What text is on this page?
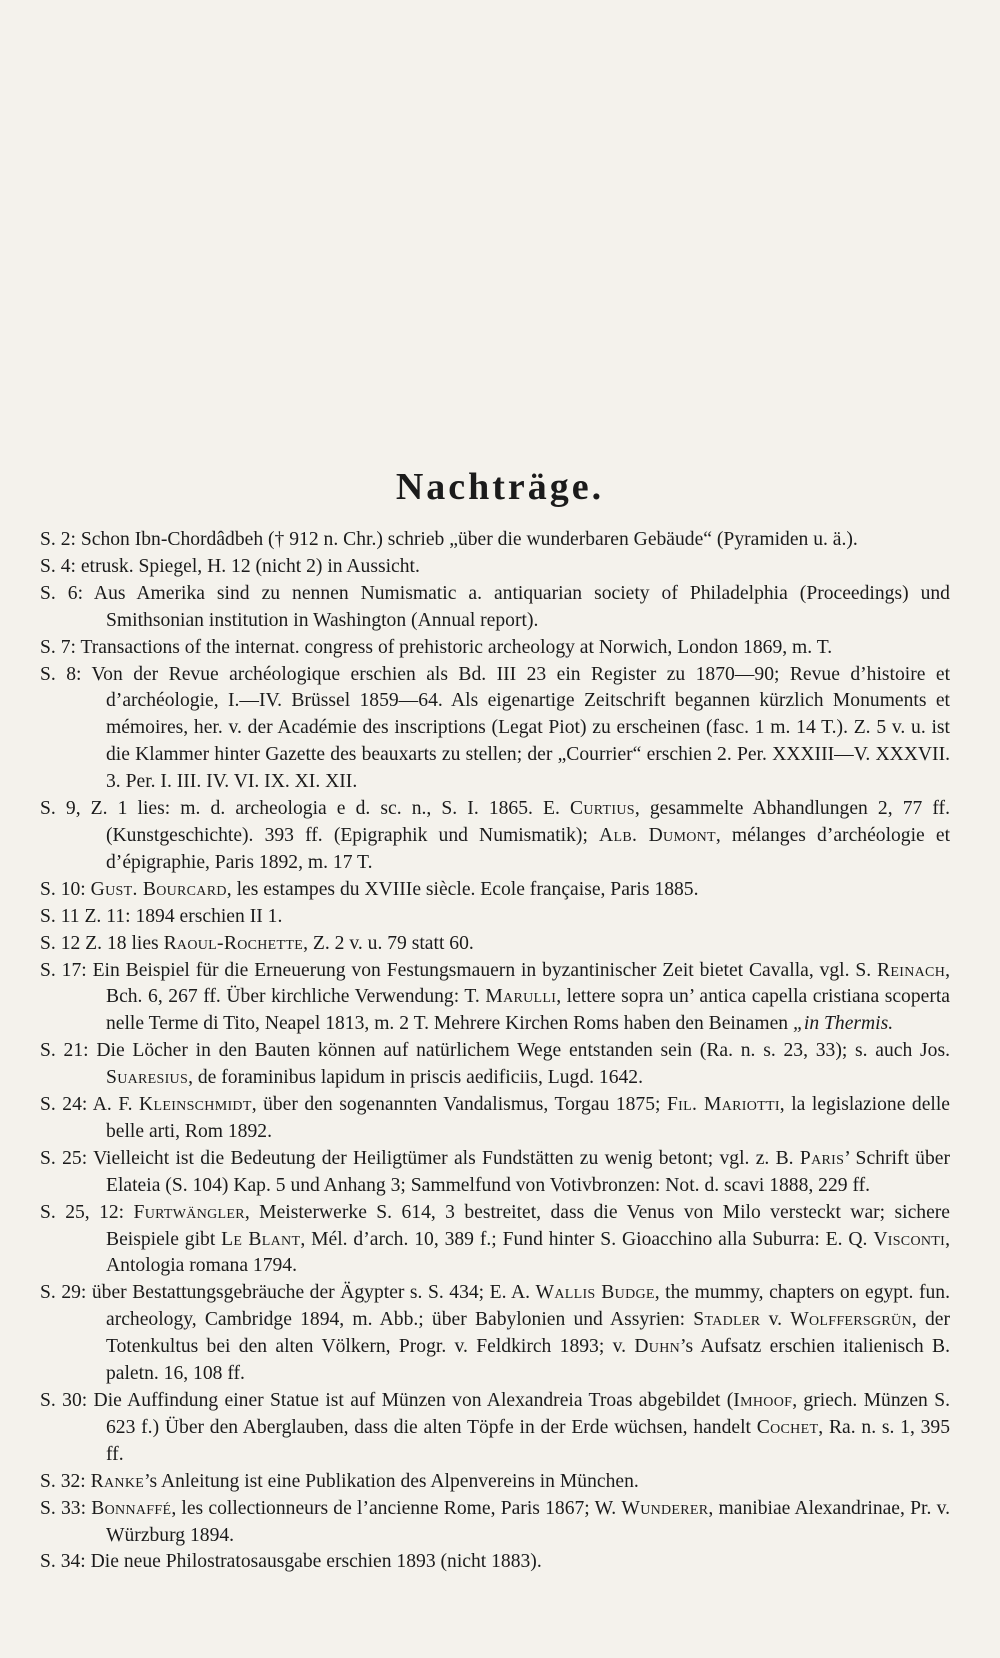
Nachträge.
S. 2: Schon Ibn-Chordâdbeh († 912 n. Chr.) schrieb „über die wunderbaren Gebäude“ (Pyramiden u. ä.).
S. 4: etrusk. Spiegel, H. 12 (nicht 2) in Aussicht.
S. 6: Aus Amerika sind zu nennen Numismatic a. antiquarian society of Philadelphia (Proceedings) und Smithsonian institution in Washington (Annual report).
S. 7: Transactions of the internat. congress of prehistoric archeology at Norwich, London 1869, m. T.
S. 8: Von der Revue archéologique erschien als Bd. III 23 ein Register zu 1870—90; Revue d’histoire et d’archéologie, I.—IV. Brüssel 1859—64. Als eigenartige Zeitschrift begannen kürzlich Monuments et mémoires, her. v. der Académie des inscriptions (Legat Piot) zu erscheinen (fasc. 1 m. 14 T.). Z. 5 v. u. ist die Klammer hinter Gazette des beauxarts zu stellen; der „Courrier“ erschien 2. Per. XXXIII—V. XXXVII. 3. Per. I. III. IV. VI. IX. XI. XII.
S. 9, Z. 1 lies: m. d. archeologia e d. sc. n., S. I. 1865. E. Curtius, gesammelte Abhandlungen 2, 77 ff. (Kunstgeschichte). 393 ff. (Epigraphik und Numismatik); Alb. Dumont, mélanges d’archéologie et d’épigraphie, Paris 1892, m. 17 T.
S. 10: Gust. Bourcard, les estampes du XVIIIe siècle. Ecole française, Paris 1885.
S. 11 Z. 11: 1894 erschien II 1.
S. 12 Z. 18 lies Raoul-Rochette, Z. 2 v. u. 79 statt 60.
S. 17: Ein Beispiel für die Erneuerung von Festungsmauern in byzantinischer Zeit bietet Cavalla, vgl. S. Reinach, Bch. 6, 267 ff. Über kirchliche Verwendung: T. Marulli, lettere sopra un’ antica capella cristiana scoperta nelle Terme di Tito, Neapel 1813, m. 2 T. Mehrere Kirchen Roms haben den Beinamen „in Thermis.
S. 21: Die Löcher in den Bauten können auf natürlichem Wege entstanden sein (Ra. n. s. 23, 33); s. auch Jos. Suaresius, de foraminibus lapidum in priscis aedificiis, Lugd. 1642.
S. 24: A. F. Kleinschmidt, über den sogenannten Vandalismus, Torgau 1875; Fil. Mariotti, la legislazione delle belle arti, Rom 1892.
S. 25: Vielleicht ist die Bedeutung der Heiligtümer als Fundstätten zu wenig betont; vgl. z. B. Paris’ Schrift über Elateia (S. 104) Kap. 5 und Anhang 3; Sammelfund von Votivbronzen: Not. d. scavi 1888, 229 ff.
S. 25, 12: Furtwängler, Meisterwerke S. 614, 3 bestreitet, dass die Venus von Milo versteckt war; sichere Beispiele gibt Le Blant, Mél. d’arch. 10, 389 f.; Fund hinter S. Gioacchino alla Suburra: E. Q. Visconti, Antologia romana 1794.
S. 29: über Bestattungsgebräuche der Ägypter s. S. 434; E. A. Wallis Budge, the mummy, chapters on egypt. fun. archeology, Cambridge 1894, m. Abb.; über Babylonien und Assyrien: Stadler v. Wolffersgrün, der Totenkultus bei den alten Völkern, Progr. v. Feldkirch 1893; v. Duhn’s Aufsatz erschien italienisch B. paletn. 16, 108 ff.
S. 30: Die Auffindung einer Statue ist auf Münzen von Alexandreia Troas abgebildet (Imhoof, griech. Münzen S. 623 f.) Über den Aberglauben, dass die alten Töpfe in der Erde wüchsen, handelt Cochet, Ra. n. s. 1, 395 ff.
S. 32: Ranke’s Anleitung ist eine Publikation des Alpenvereins in München.
S. 33: Bonnaffé, les collectionneurs de l’ancienne Rome, Paris 1867; W. Wunderer, manibiae Alexandrinae, Pr. v. Würzburg 1894.
S. 34: Die neue Philostratosausgabe erschien 1893 (nicht 1883).
